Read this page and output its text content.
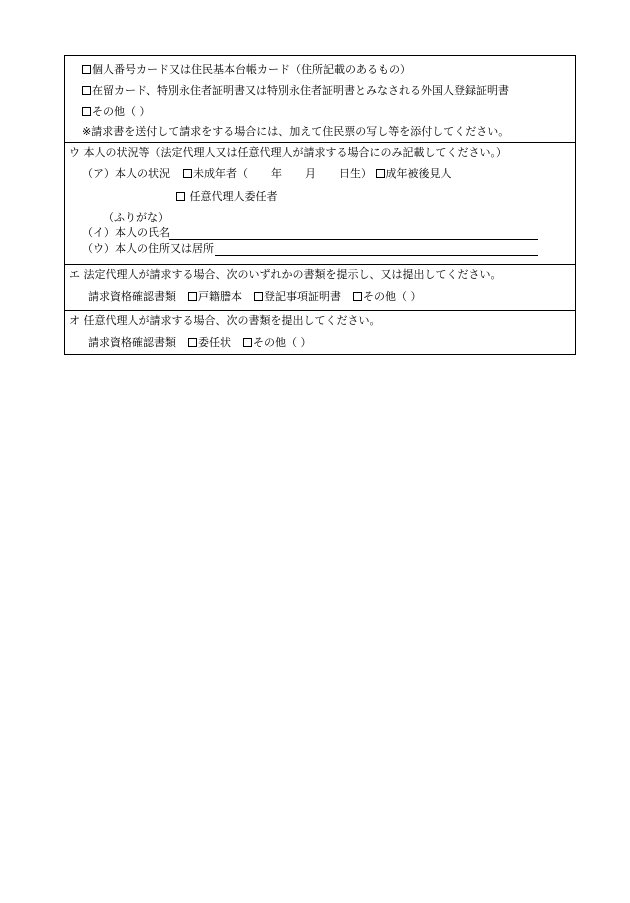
個人番号カード又は住民基本台帳カード（住所記載のあるもの）
在留カード、特別永住者証明書又は特別永住者証明書とみなされる外国人登録証明書
その他（ ）
※請求書を送付して請求をする場合には、加えて住民票の写し等を添付してください。
ウ 本人の状況等（法定代理人又は任意代理人が請求する場合にのみ記載してください。）
（ア）本人の状況 未成年者（ 年 月 日生） 成年被後見人
任意代理人委任者
（ふりがな）
（イ）本人の氏名
（ウ）本人の住所又は居所
エ 法定代理人が請求する場合、次のいずれかの書類を提示し、又は提出してください。
請求資格確認書類 戸籍謄本 登記事項証明書 その他（ ）
オ 任意代理人が請求する場合、次の書類を提出してください。
請求資格確認書類 委任状 その他（ ）
